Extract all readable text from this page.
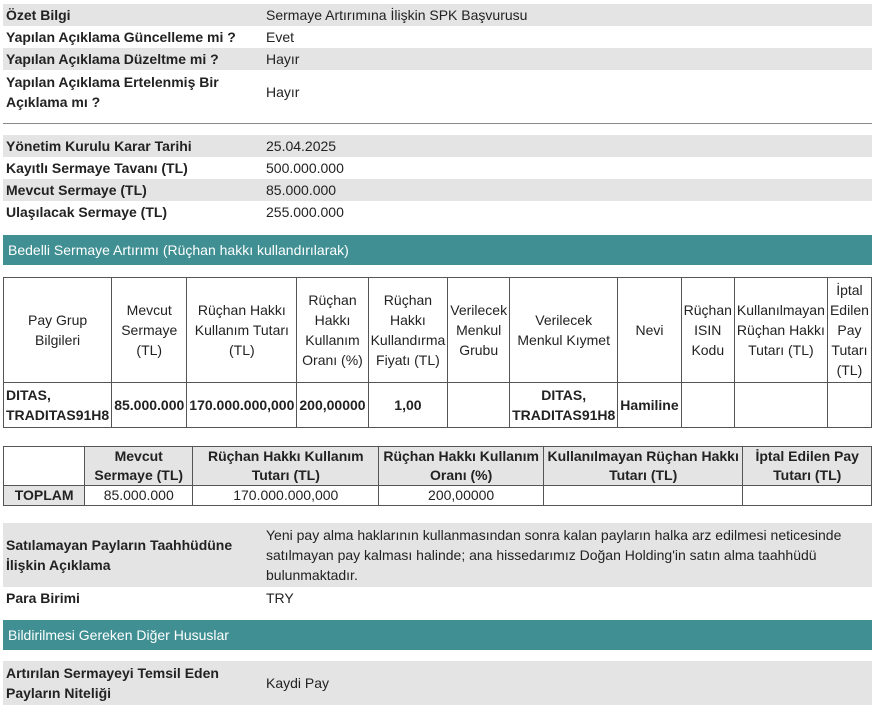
Özet Bilgi	Sermaye Artırımına İlişkin SPK Başvurusu
Yapılan Açıklama Güncelleme mi ?	Evet
Yapılan Açıklama Düzeltme mi ?	Hayır
Yapılan Açıklama Ertelenmiş Bir Açıklama mı ?	Hayır
Yönetim Kurulu Karar Tarihi	25.04.2025
Kayıtlı Sermaye Tavanı (TL)	500.000.000
Mevcut Sermaye (TL)	85.000.000
Ulaşılacak Sermaye (TL)	255.000.000
Bedelli Sermaye Artırımı (Rüçhan hakkı kullandırılarak)
Pay Grup Bilgileri	Mevcut Sermaye (TL)	Rüçhan Hakkı Kullanım Tutarı (TL)	Rüçhan Hakkı Kullanım Oranı (%)	Rüçhan Hakkı Kullandırma Fiyatı (TL)	Verilecek Menkul Grubu	Verilecek Menkul Kıymet	Nevi	Rüçhan ISIN Kodu	Kullanılmayan Rüçhan Hakkı Tutarı (TL)	İptal Edilen Pay Tutarı (TL)
DITAS, TRADITAS91H8	85.000.000	170.000.000,000	200,00000	1,00		DITAS, TRADITAS91H8	Hamiline			
	Mevcut Sermaye (TL)	Rüçhan Hakkı Kullanım Tutarı (TL)	Rüçhan Hakkı Kullanım Oranı (%)	Kullanılmayan Rüçhan Hakkı Tutarı (TL)	İptal Edilen Pay Tutarı (TL)
TOPLAM	85.000.000	170.000.000,000	200,00000		
Satılamayan Payların Taahhüdüne İlişkin Açıklama	Yeni pay alma haklarının kullanmasından sonra kalan payların halka arz edilmesi neticesinde satılmayan pay kalması halinde; ana hissedarımız Doğan Holding'in satın alma taahhüdü bulunmaktadır.
Para Birimi	TRY
Bildirilmesi Gereken Diğer Hususlar
Artırılan Sermayeyi Temsil Eden Payların Niteliği	Kaydi Pay
